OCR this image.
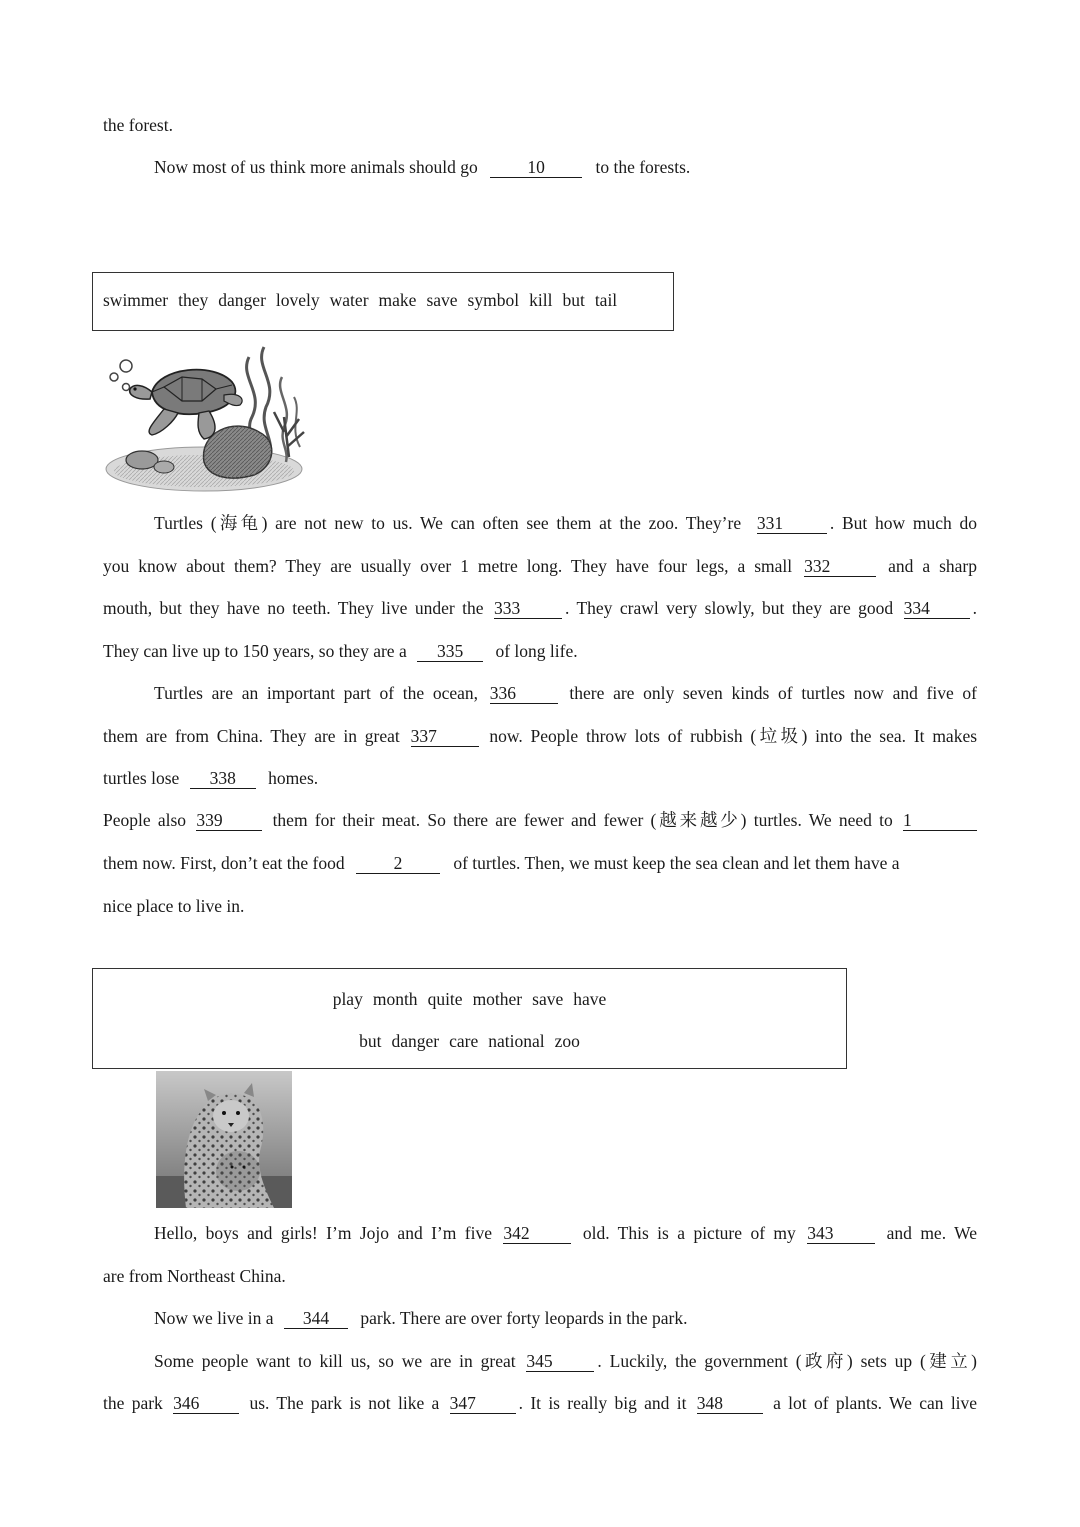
the forest.
Now most of us think more animals should go	10	to the forests.
swimmer they danger lovely water make save symbol kill but tail
Turtles (海龟) are not new to us. We can often see them at the zoo. They’re 331	. But how much do
you know about them? They are usually over 1 metre long. They have four legs, a small 332	and a sharp
mouth, but they have no teeth. They live under the 333	. They crawl very slowly, but they are good 334 .
They can live up to 150 years, so they are a 335 of long life.
Turtles are an important part of the ocean, 336	there are only seven kinds of turtles now and five of
them are from China. They are in great 337	now. People throw lots of rubbish (垃圾) into the sea. It makes
turtles lose 338 homes.
People also 339	them for their meat. So there are fewer and fewer (越来越少) turtles. We need to 1
them now. First, don’t eat the food	2	of turtles. Then, we must keep the sea clean and let them have a
nice place to live in.
play month quite mother save have
but danger care national zoo
Hello, boys and girls! I’m Jojo and I’m five 342	old. This is a picture of my 343	and me. We
are from Northeast China.
Now we live in a 344 park. There are over forty leopards in the park.
Some people want to kill us, so we are in great 345	. Luckily, the government (政府) sets up (建立)
the park 346	us. The park is not like a 347 . It is really big and it 348	a lot of plants. We can live
